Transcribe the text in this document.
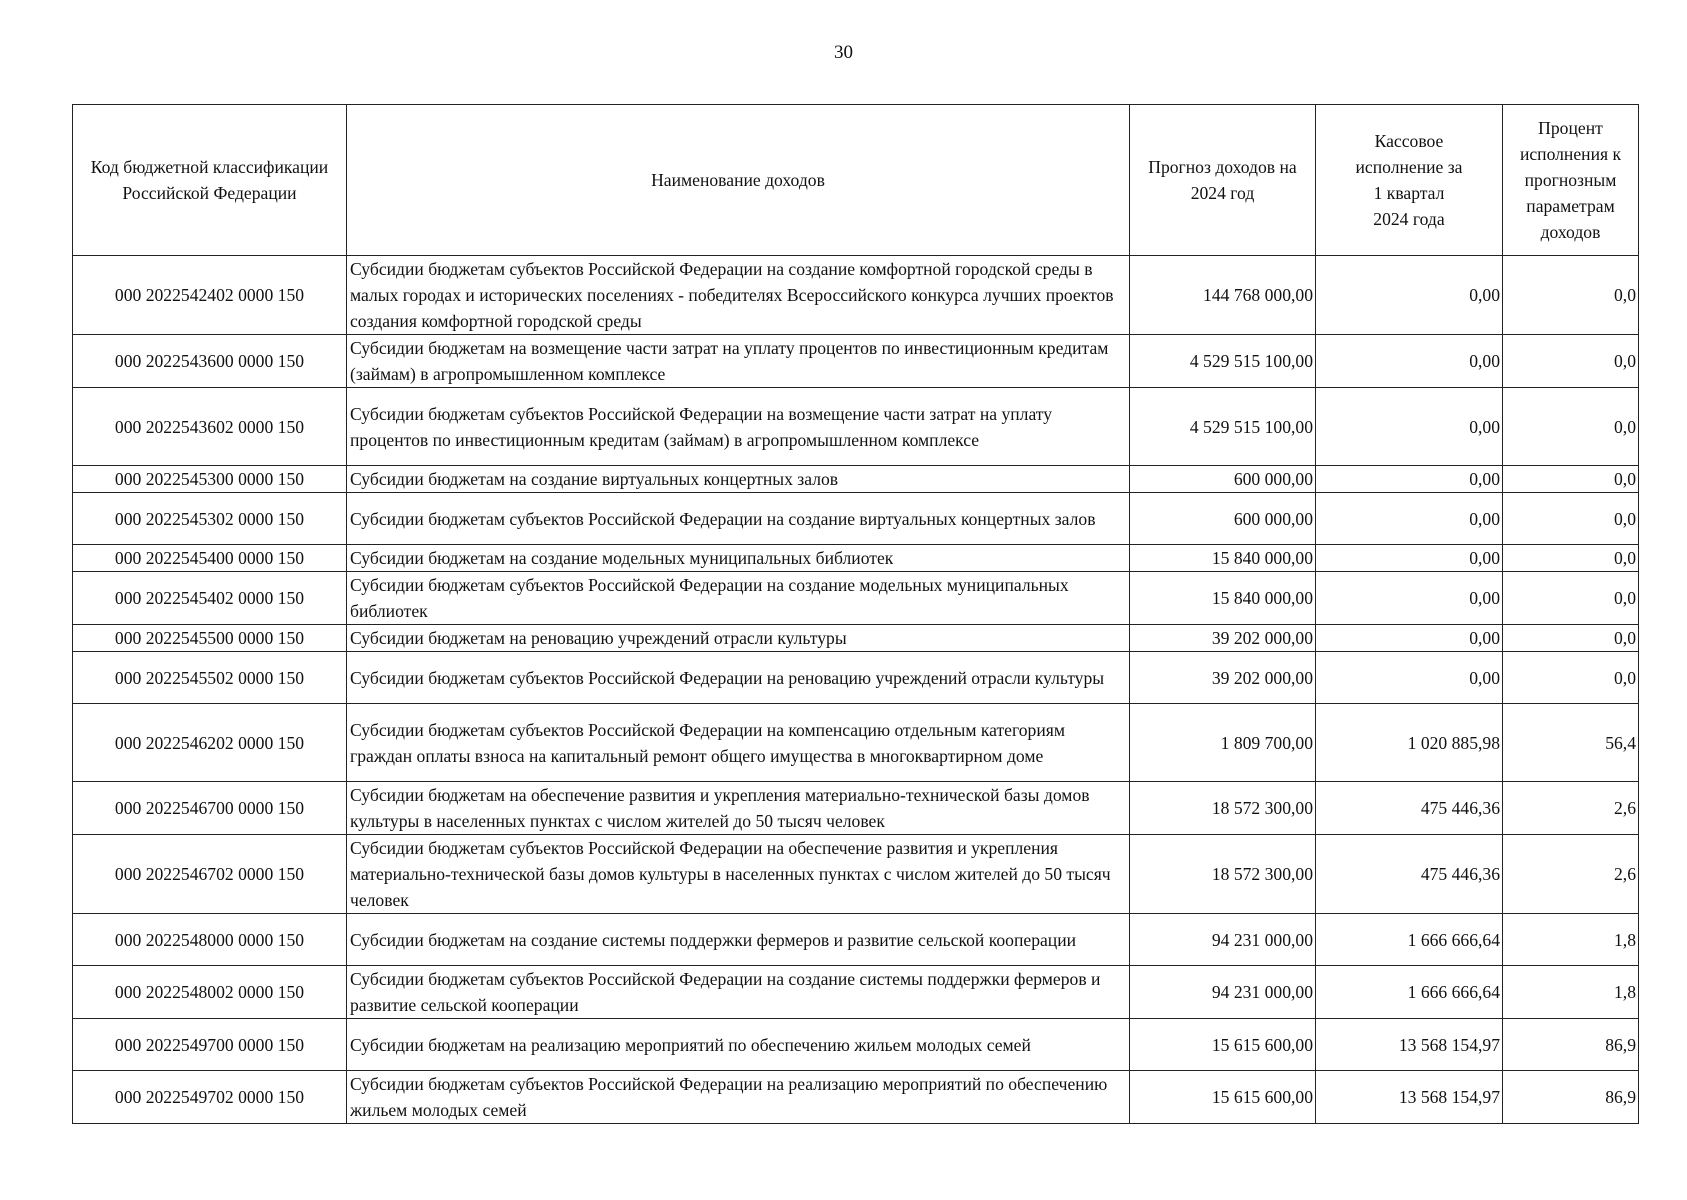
30
Код бюджетной классификации Российской Федерации	Наименование доходов	Прогноз доходов на 2024 год	Кассовое исполнение за 1 квартал 2024 года	Процент исполнения к прогнозным параметрам доходов
000 2022542402 0000 150	Субсидии бюджетам субъектов Российской Федерации на создание комфортной городской среды в малых городах и исторических поселениях - победителях Всероссийского конкурса лучших проектов создания комфортной городской среды	144 768 000,00	0,00	0,0
000 2022543600 0000 150	Субсидии бюджетам на возмещение части затрат на уплату процентов по инвестиционным кредитам (займам) в агропромышленном комплексе	4 529 515 100,00	0,00	0,0
000 2022543602 0000 150	Субсидии бюджетам субъектов Российской Федерации на возмещение части затрат на уплату процентов по инвестиционным кредитам (займам) в агропромышленном комплексе	4 529 515 100,00	0,00	0,0
000 2022545300 0000 150	Субсидии бюджетам на создание виртуальных концертных залов	600 000,00	0,00	0,0
000 2022545302 0000 150	Субсидии бюджетам субъектов Российской Федерации на создание виртуальных концертных залов	600 000,00	0,00	0,0
000 2022545400 0000 150	Субсидии бюджетам на создание модельных муниципальных библиотек	15 840 000,00	0,00	0,0
000 2022545402 0000 150	Субсидии бюджетам субъектов Российской Федерации на создание модельных муниципальных библиотек	15 840 000,00	0,00	0,0
000 2022545500 0000 150	Субсидии бюджетам на реновацию учреждений отрасли культуры	39 202 000,00	0,00	0,0
000 2022545502 0000 150	Субсидии бюджетам субъектов Российской Федерации на реновацию учреждений отрасли культуры	39 202 000,00	0,00	0,0
000 2022546202 0000 150	Субсидии бюджетам субъектов Российской Федерации на компенсацию отдельным категориям граждан оплаты взноса на капитальный ремонт общего имущества в многоквартирном доме	1 809 700,00	1 020 885,98	56,4
000 2022546700 0000 150	Субсидии бюджетам на обеспечение развития и укрепления материально-технической базы домов культуры в населенных пунктах с числом жителей до 50 тысяч человек	18 572 300,00	475 446,36	2,6
000 2022546702 0000 150	Субсидии бюджетам субъектов Российской Федерации на обеспечение развития и укрепления материально-технической базы домов культуры в населенных пунктах с числом жителей до 50 тысяч человек	18 572 300,00	475 446,36	2,6
000 2022548000 0000 150	Субсидии бюджетам на создание системы поддержки фермеров и развитие сельской кооперации	94 231 000,00	1 666 666,64	1,8
000 2022548002 0000 150	Субсидии бюджетам субъектов Российской Федерации на создание системы поддержки фермеров и развитие сельской кооперации	94 231 000,00	1 666 666,64	1,8
000 2022549700 0000 150	Субсидии бюджетам на реализацию мероприятий по обеспечению жильем молодых семей	15 615 600,00	13 568 154,97	86,9
000 2022549702 0000 150	Субсидии бюджетам субъектов Российской Федерации на реализацию мероприятий по обеспечению жильем молодых семей	15 615 600,00	13 568 154,97	86,9
